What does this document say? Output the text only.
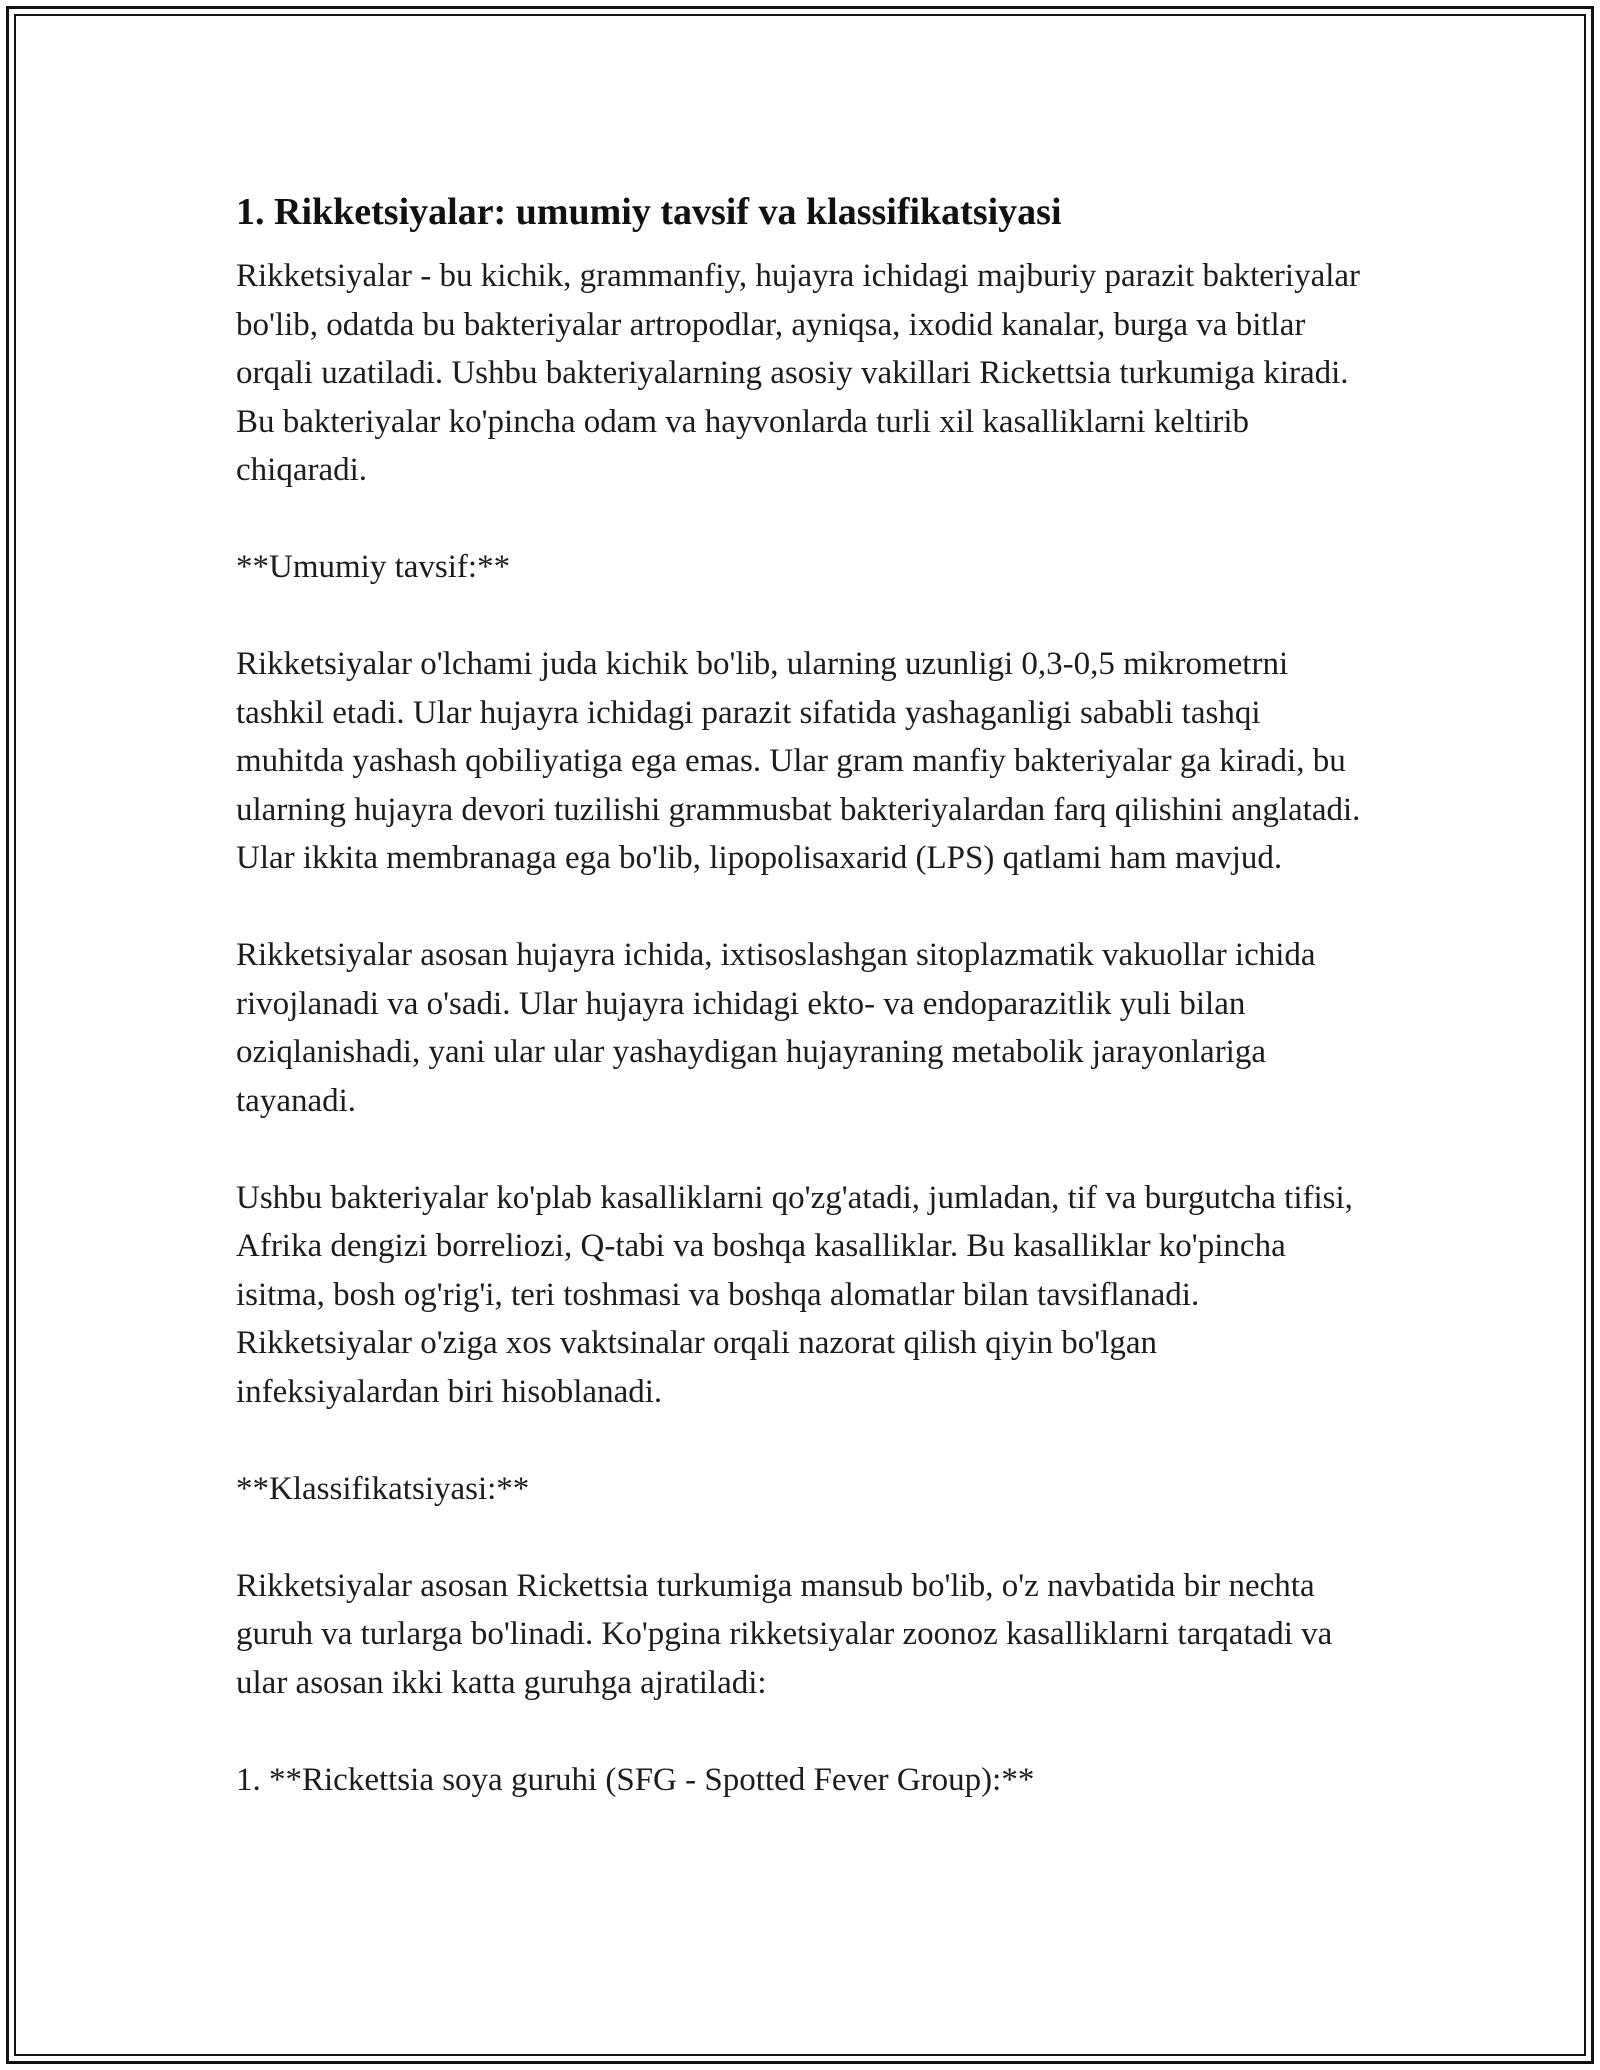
1. Rikketsiyalar: umumiy tavsif va klassifikatsiyasi

Rikketsiyalar - bu kichik, grammanfiy, hujayra ichidagi majburiy parazit bakteriyalar bo'lib, odatda bu bakteriyalar artropodlar, ayniqsa, ixodid kanalar, burga va bitlar orqali uzatiladi. Ushbu bakteriyalarning asosiy vakillari Rickettsia turkumiga kiradi. Bu bakteriyalar ko'pincha odam va hayvonlarda turli xil kasalliklarni keltirib chiqaradi.

**Umumiy tavsif:**

Rikketsiyalar o'lchami juda kichik bo'lib, ularning uzunligi 0,3-0,5 mikrometrni tashkil etadi. Ular hujayra ichidagi parazit sifatida yashaganligi sababli tashqi muhitda yashash qobiliyatiga ega emas. Ular gram manfiy bakteriyalar ga kiradi, bu ularning hujayra devori tuzilishi grammusbat bakteriyalardan farq qilishini anglatadi. Ular ikkita membranaga ega bo'lib, lipopolisaxarid (LPS) qatlami ham mavjud.

Rikketsiyalar asosan hujayra ichida, ixtisoslashgan sitoplazmatik vakuollar ichida rivojlanadi va o'sadi. Ular hujayra ichidagi ekto- va endoparazitlik yuli bilan oziqlanishadi, yani ular ular yashaydigan hujayraning metabolik jarayonlariga tayanadi.

Ushbu bakteriyalar ko'plab kasalliklarni qo'zg'atadi, jumladan, tif va burgutcha tifisi, Afrika dengizi borreliozi, Q-tabi va boshqa kasalliklar. Bu kasalliklar ko'pincha isitma, bosh og'rig'i, teri toshmasi va boshqa alomatlar bilan tavsiflanadi. Rikketsiyalar o'ziga xos vaktsinalar orqali nazorat qilish qiyin bo'lgan infeksiyalardan biri hisoblanadi.

**Klassifikatsiyasi:**

Rikketsiyalar asosan Rickettsia turkumiga mansub bo'lib, o'z navbatida bir nechta guruh va turlarga bo'linadi. Ko'pgina rikketsiyalar zoonoz kasalliklarni tarqatadi va ular asosan ikki katta guruhga ajratiladi:

1. **Rickettsia soya guruhi (SFG - Spotted Fever Group):**
